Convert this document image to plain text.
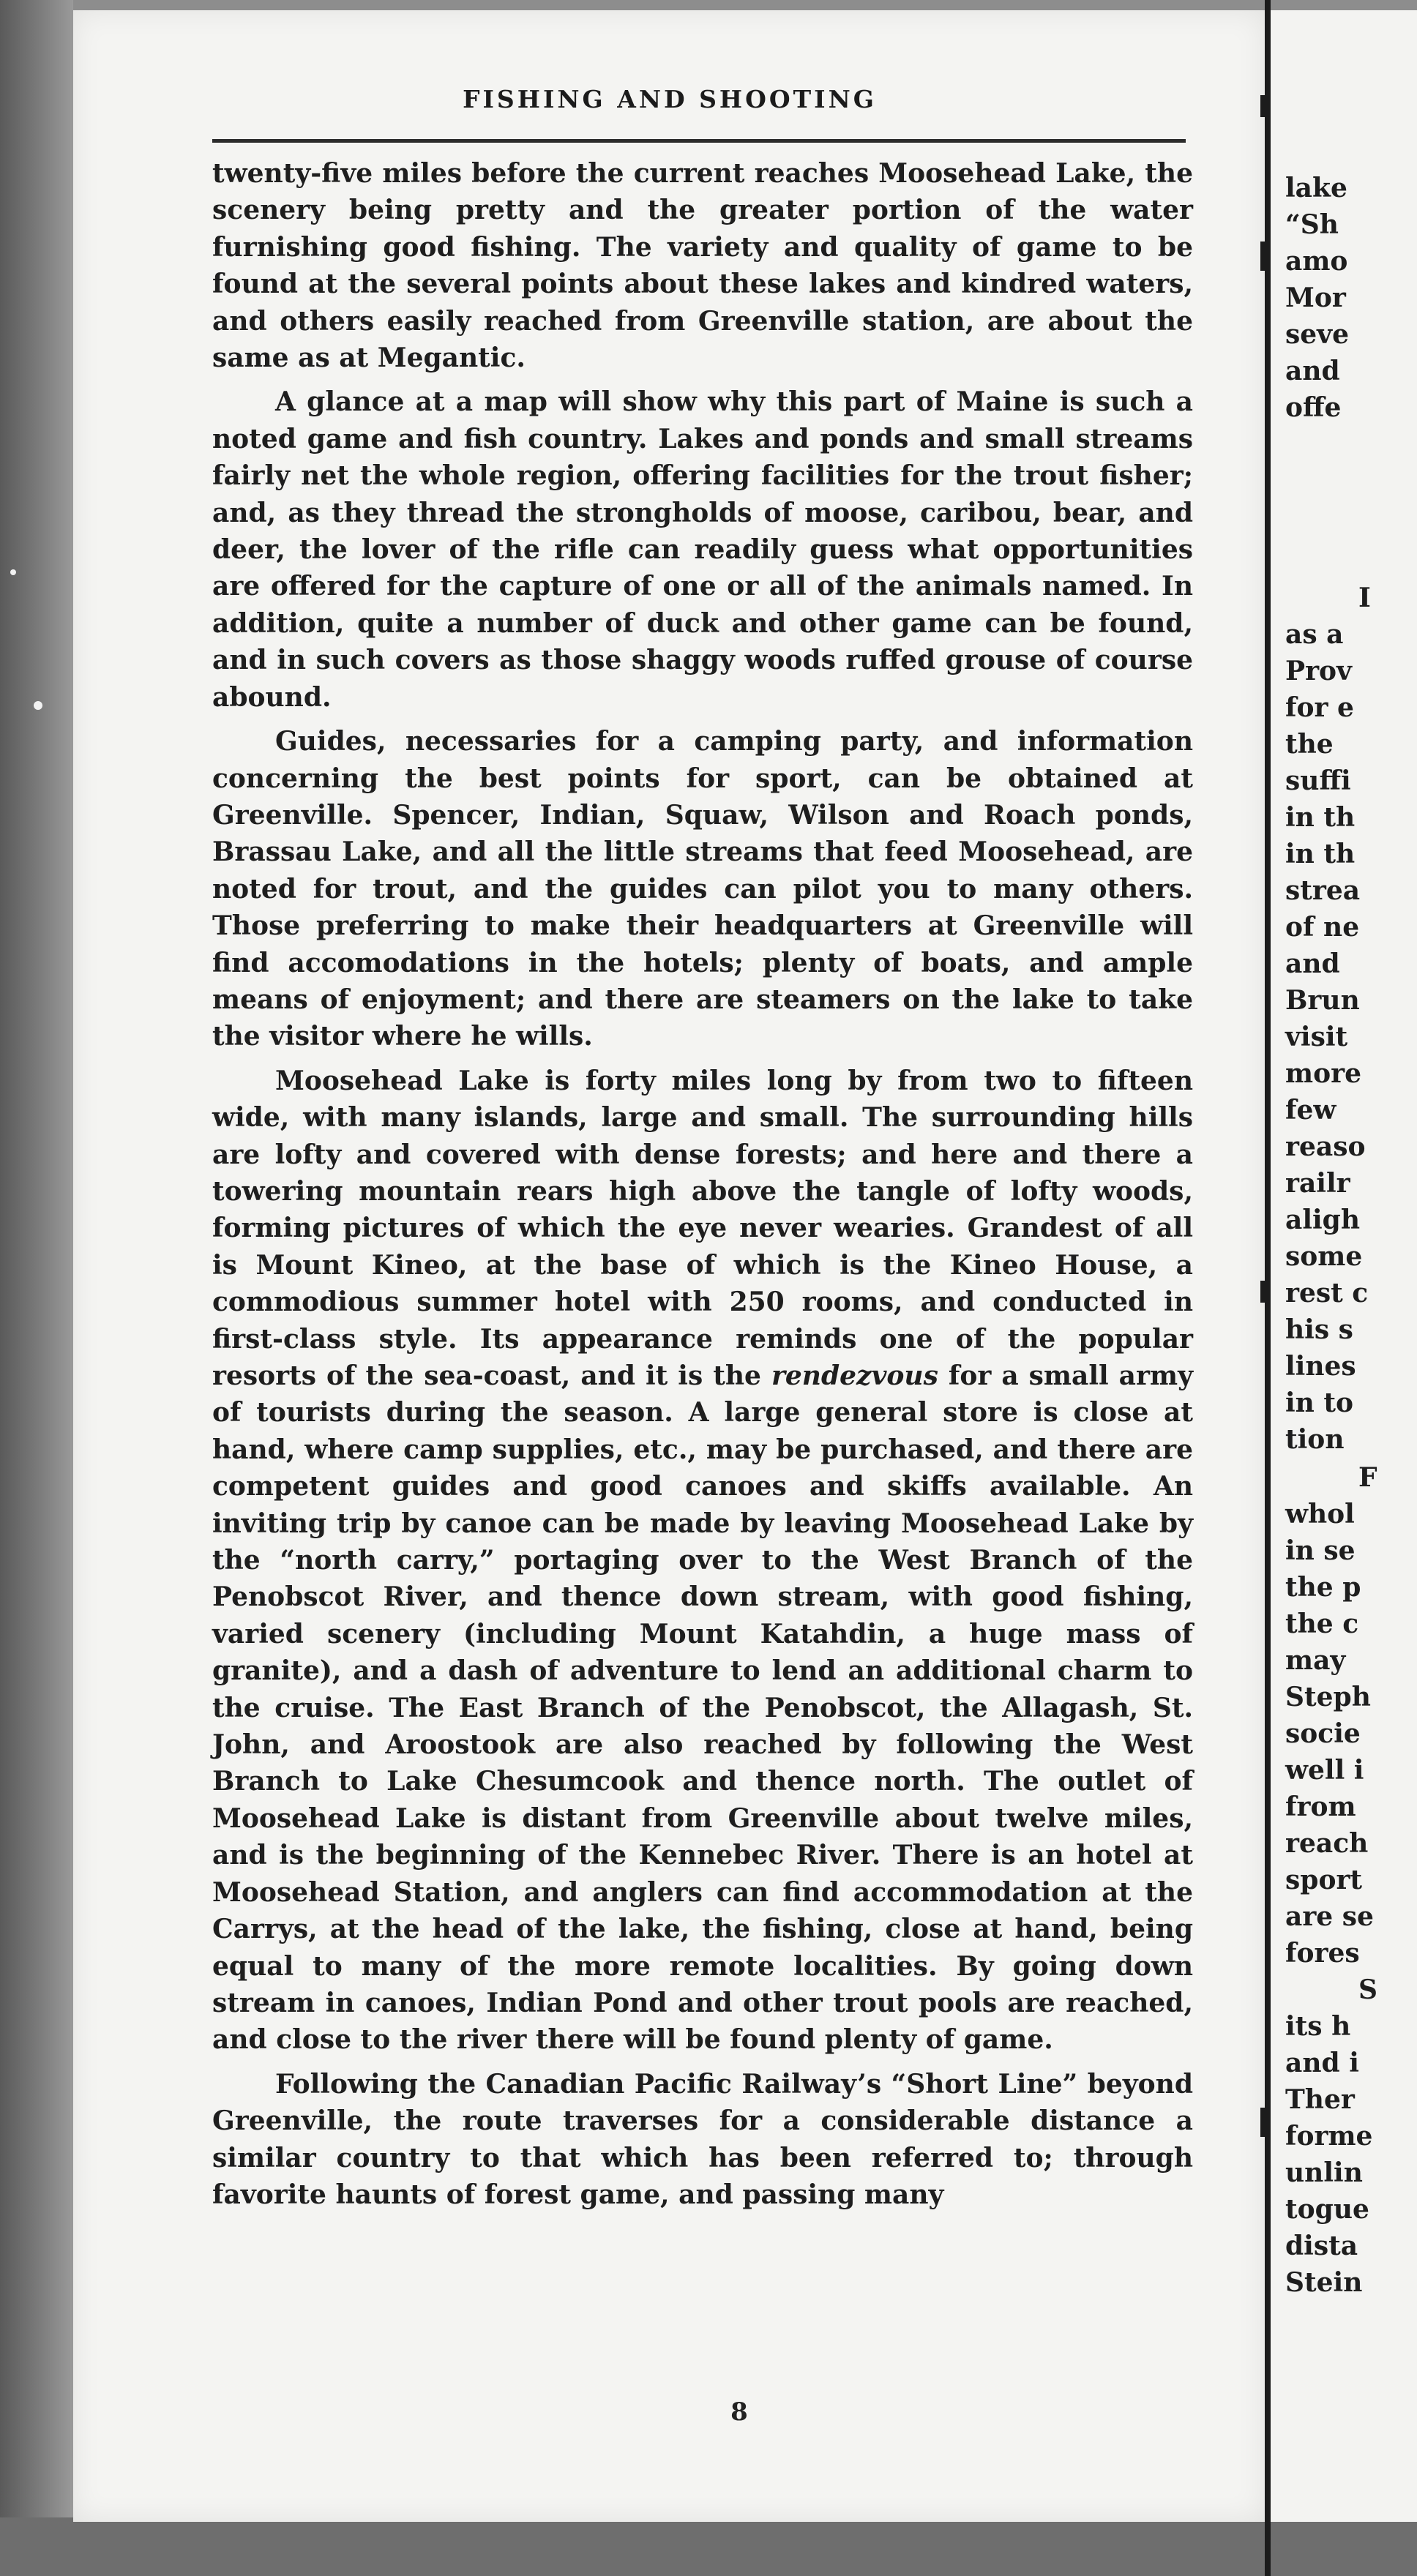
FISHING AND SHOOTING

twenty-five miles before the current reaches Moosehead Lake, the scenery being pretty and the greater portion of the water furnishing good fishing. The variety and quality of game to be found at the several points about these lakes and kindred waters, and others easily reached from Greenville station, are about the same as at Megantic.

A glance at a map will show why this part of Maine is such a noted game and fish country. Lakes and ponds and small streams fairly net the whole region, offering facilities for the trout fisher; and, as they thread the strongholds of moose, caribou, bear, and deer, the lover of the rifle can readily guess what opportunities are offered for the capture of one or all of the animals named. In addition, quite a number of duck and other game can be found, and in such covers as those shaggy woods ruffed grouse of course abound.

Guides, necessaries for a camping party, and information concerning the best points for sport, can be obtained at Greenville. Spencer, Indian, Squaw, Wilson and Roach ponds, Brassau Lake, and all the little streams that feed Moosehead, are noted for trout, and the guides can pilot you to many others. Those preferring to make their headquarters at Greenville will find accomodations in the hotels; plenty of boats, and ample means of enjoyment; and there are steamers on the lake to take the visitor where he wills.

Moosehead Lake is forty miles long by from two to fifteen wide, with many islands, large and small. The surrounding hills are lofty and covered with dense forests; and here and there a towering mountain rears high above the tangle of lofty woods, forming pictures of which the eye never wearies. Grandest of all is Mount Kineo, at the base of which is the Kineo House, a commodious summer hotel with 250 rooms, and conducted in first-class style. Its appearance reminds one of the popular resorts of the sea-coast, and it is the rendezvous for a small army of tourists during the season. A large general store is close at hand, where camp supplies, etc., may be purchased, and there are competent guides and good canoes and skiffs available. An inviting trip by canoe can be made by leaving Moosehead Lake by the “north carry,” portaging over to the West Branch of the Penobscot River, and thence down stream, with good fishing, varied scenery (including Mount Katahdin, a huge mass of granite), and a dash of adventure to lend an additional charm to the cruise. The East Branch of the Penobscot, the Allagash, St. John, and Aroostook are also reached by following the West Branch to Lake Chesumcook and thence north. The outlet of Moosehead Lake is distant from Greenville about twelve miles, and is the beginning of the Kennebec River. There is an hotel at Moosehead Station, and anglers can find accommodation at the Carrys, at the head of the lake, the fishing, close at hand, being equal to many of the more remote localities. By going down stream in canoes, Indian Pond and other trout pools are reached, and close to the river there will be found plenty of game.

Following the Canadian Pacific Railway’s “Short Line” beyond Greenville, the route traverses for a considerable distance a similar country to that which has been referred to; through favorite haunts of forest game, and passing many

8
lake
“Sh
amo
Mor
seve
and
offe
I
as a
Prov
for e
the
suffi
in th
in th
strea
of ne
and
Brun
visit
more
few
reaso
railr
aligh
some
rest c
his s
lines
in to
tion
F
whol
in se
the p
the c
may
Steph
socie
well i
from
reach
sport
are se
fores
S
its h
and i
Ther
forme
unlin
togue
dista
Stein
